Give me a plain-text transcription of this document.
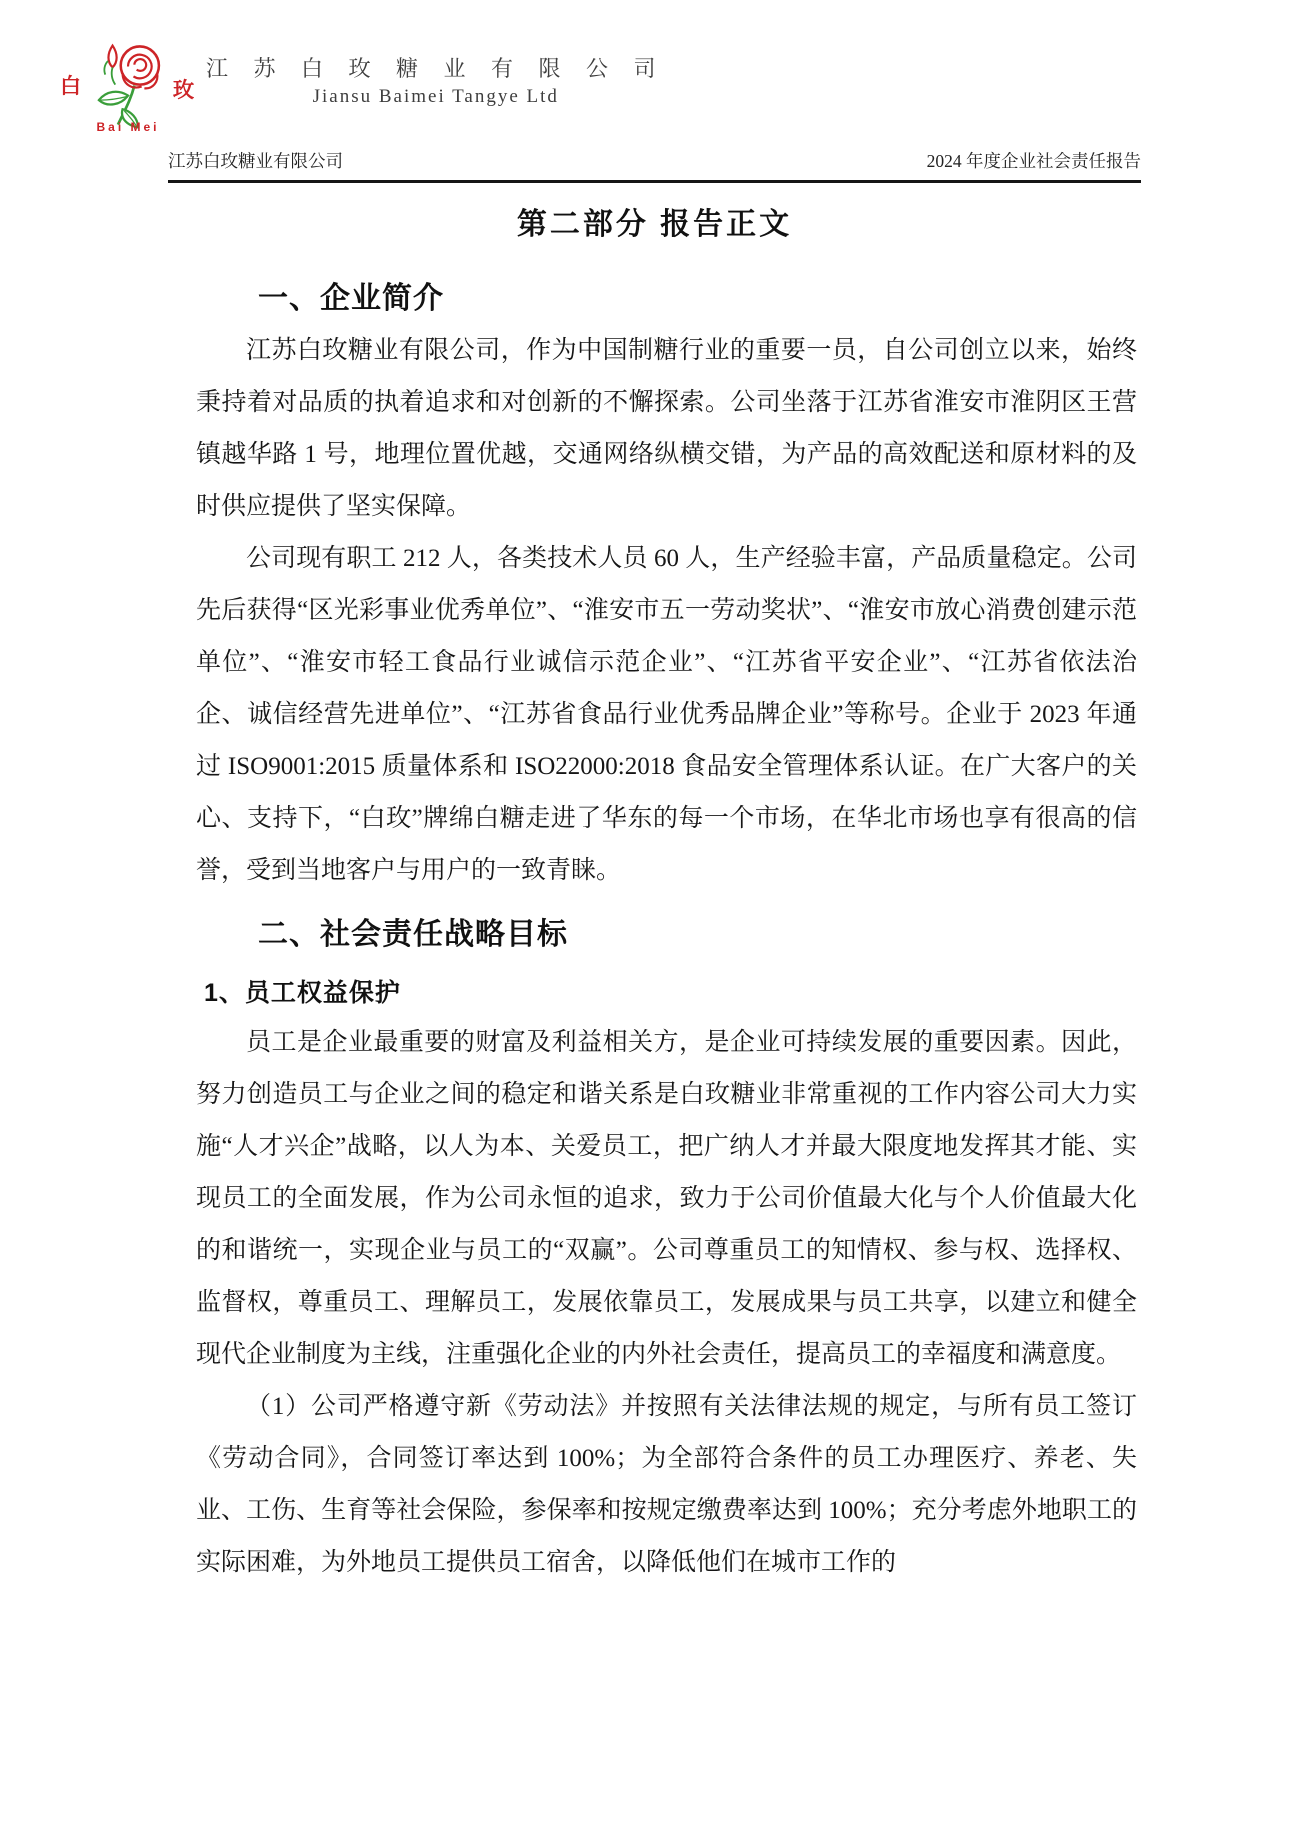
白	玫
Bai Mei
江 苏 白 玫 糖 业 有 限 公 司
Jiansu Baimei Tangye Ltd
江苏白玫糖业有限公司	2024 年度企业社会责任报告
第二部分 报告正文
一、企业简介

江苏白玫糖业有限公司，作为中国制糖行业的重要一员，自公司创立以来，始终秉持着对品质的执着追求和对创新的不懈探索。公司坐落于江苏省淮安市淮阴区王营镇越华路 1 号，地理位置优越，交通网络纵横交错，为产品的高效配送和原材料的及时供应提供了坚实保障。

公司现有职工 212 人，各类技术人员 60 人，生产经验丰富，产品质量稳定。公司先后获得“区光彩事业优秀单位”、“淮安市五一劳动奖状”、“淮安市放心消费创建示范单位”、“淮安市轻工食品行业诚信示范企业”、“江苏省平安企业”、“江苏省依法治企、诚信经营先进单位”、“江苏省食品行业优秀品牌企业”等称号。企业于 2023 年通过 ISO9001:2015 质量体系和 ISO22000:2018 食品安全管理体系认证。在广大客户的关心、支持下，“白玫”牌绵白糖走进了华东的每一个市场，在华北市场也享有很高的信誉，受到当地客户与用户的一致青睐。

二、社会责任战略目标
1、员工权益保护

员工是企业最重要的财富及利益相关方，是企业可持续发展的重要因素。因此，努力创造员工与企业之间的稳定和谐关系是白玫糖业非常重视的工作内容公司大力实施“人才兴企”战略，以人为本、关爱员工，把广纳人才并最大限度地发挥其才能、实现员工的全面发展，作为公司永恒的追求，致力于公司价值最大化与个人价值最大化的和谐统一，实现企业与员工的“双赢”。公司尊重员工的知情权、参与权、选择权、监督权，尊重员工、理解员工，发展依靠员工，发展成果与员工共享，以建立和健全现代企业制度为主线，注重强化企业的内外社会责任，提高员工的幸福度和满意度。

（1）公司严格遵守新《劳动法》并按照有关法律法规的规定，与所有员工签订《劳动合同》，合同签订率达到 100%；为全部符合条件的员工办理医疗、养老、失业、工伤、生育等社会保险，参保率和按规定缴费率达到 100%；充分考虑外地职工的实际困难，为外地员工提供员工宿舍，以降低他们在城市工作的
